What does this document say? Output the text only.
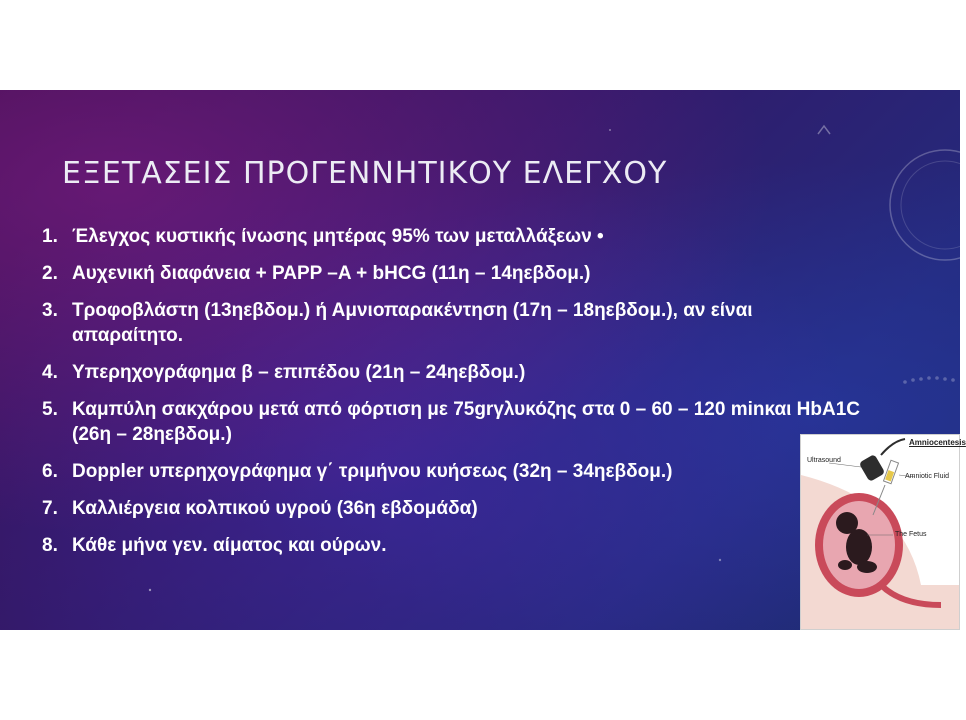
ΕΞΕΤΑΣΕΙΣ ΠΡΟΓΕΝΝΗΤΙΚΟΥ ΕΛΕΓΧΟΥ
1. Έλεγχος κυστικής ίνωσης μητέρας 95% των μεταλλάξεων •
2. Αυχενική διαφάνεια + PAPP –A + bHCG (11η – 14ηεβδομ.)
3. Τροφοβλάστη (13ηεβδομ.) ή Αμνιοπαρακέντηση (17η – 18ηεβδομ.), αν είναι απαραίτητο.
4. Υπερηχογράφημα β – επιπέδου (21η – 24ηεβδομ.)
5. Καμπύλη σακχάρου μετά από φόρτιση με 75grγλυκόζης στα 0 – 60 – 120 minκαι HbA1C (26η – 28ηεβδομ.)
6. Doppler υπερηχογράφημα γ΄ τριμήνου κυήσεως (32η – 34ηεβδομ.)
7. Καλλιέργεια κολπικού υγρού (36η εβδομάδα)
8. Κάθε μήνα γεν. αίματος και ούρων.
Amniocentesis
Ultrasound
Amniotic Fluid
The Fetus
